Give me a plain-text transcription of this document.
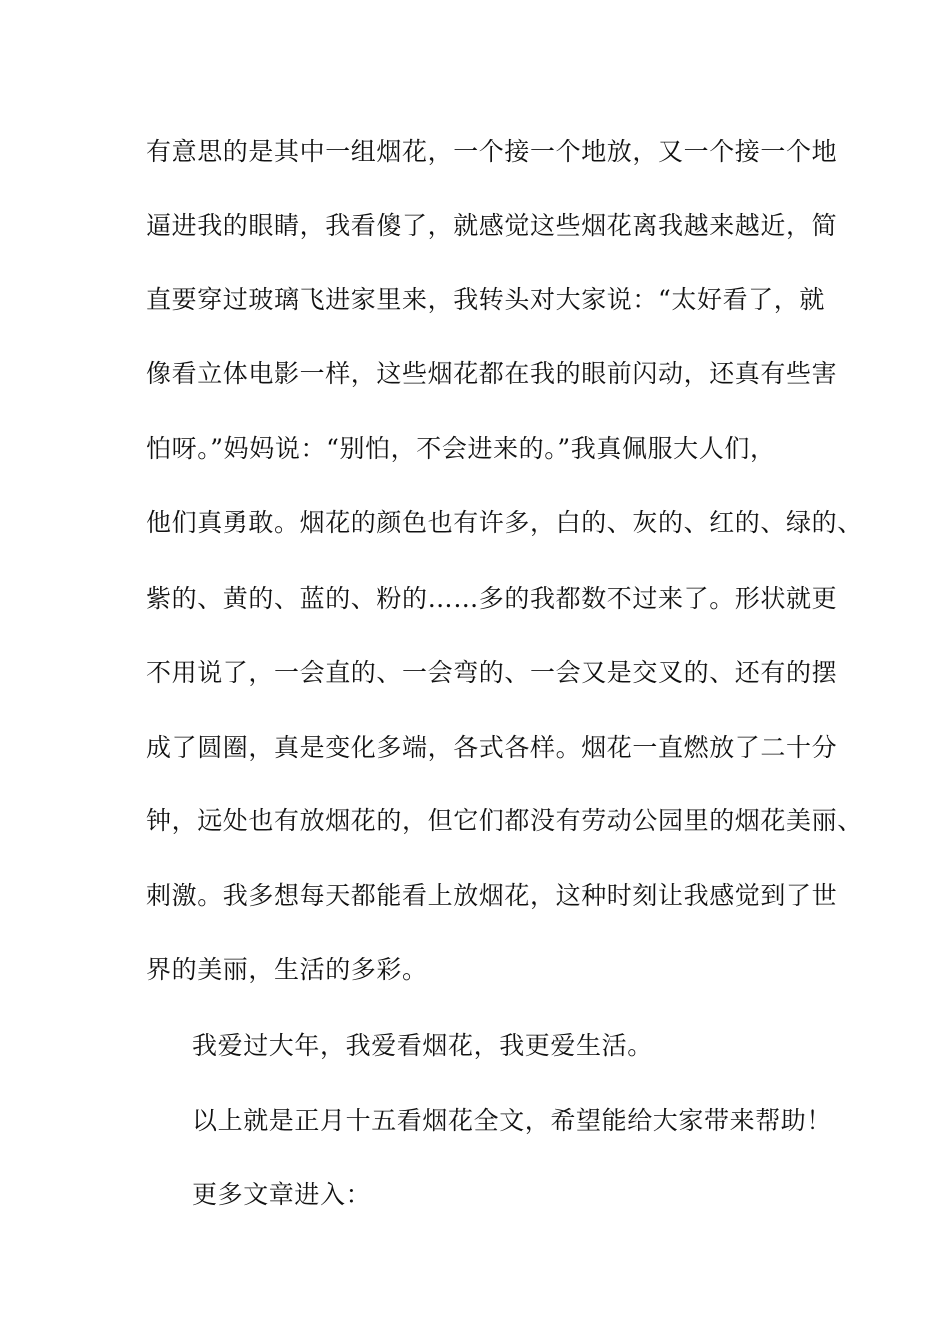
有意思的是其中一组烟花，一个接一个地放，又一个接一个地
逼进我的眼睛，我看傻了，就感觉这些烟花离我越来越近，简
直要穿过玻璃飞进家里来，我转头对大家说：“太好看了，就
像看立体电影一样，这些烟花都在我的眼前闪动，还真有些害
怕呀。”妈妈说：“别怕，不会进来的。”我真佩服大人们，
他们真勇敢。烟花的颜色也有许多，白的、灰的、红的、绿的、
紫的、黄的、蓝的、粉的……多的我都数不过来了。形状就更
不用说了，一会直的、一会弯的、一会又是交叉的、还有的摆
成了圆圈，真是变化多端，各式各样。烟花一直燃放了二十分
钟，远处也有放烟花的，但它们都没有劳动公园里的烟花美丽、
刺激。我多想每天都能看上放烟花，这种时刻让我感觉到了世
界的美丽，生活的多彩。
我爱过大年，我爱看烟花，我更爱生活。
以上就是正月十五看烟花全文，希望能给大家带来帮助！
更多文章进入：
